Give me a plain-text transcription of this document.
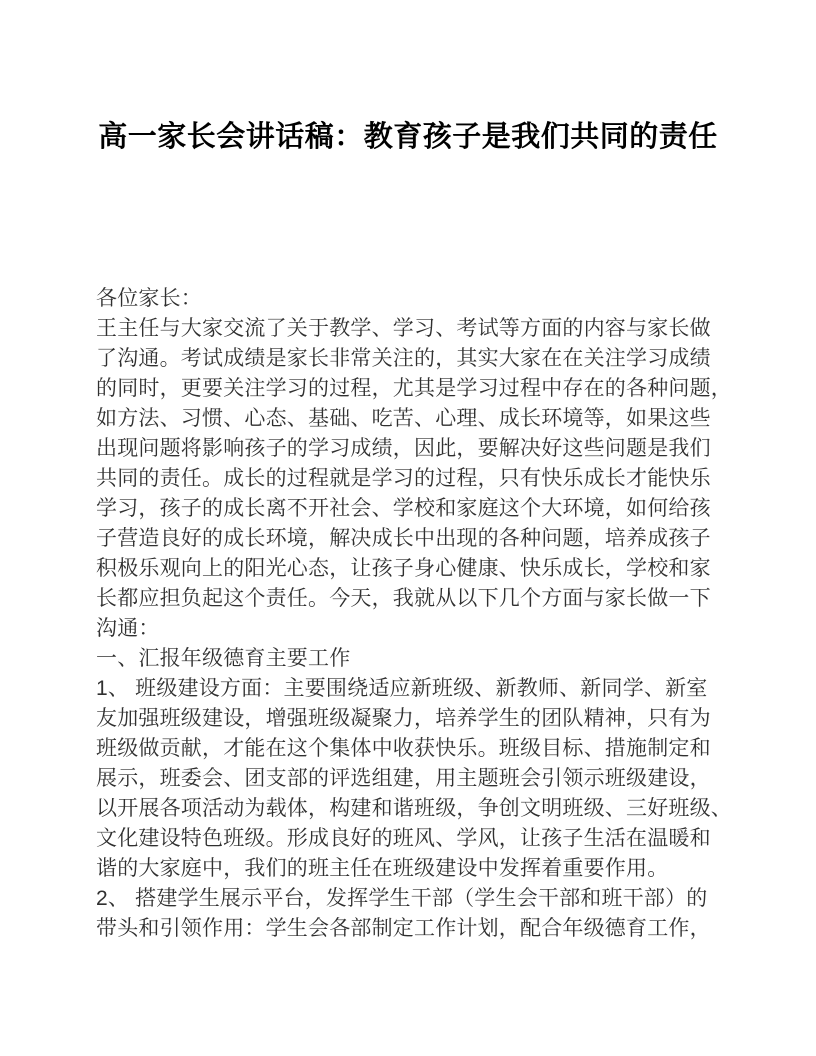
高一家长会讲话稿：教育孩子是我们共同的责任
各位家长：
王主任与大家交流了关于教学、学习、考试等方面的内容与家长做
了沟通。考试成绩是家长非常关注的，其实大家在在关注学习成绩
的同时，更要关注学习的过程，尤其是学习过程中存在的各种问题，
如方法、习惯、心态、基础、吃苦、心理、成长环境等，如果这些
出现问题将影响孩子的学习成绩，因此，要解决好这些问题是我们
共同的责任。成长的过程就是学习的过程，只有快乐成长才能快乐
学习，孩子的成长离不开社会、学校和家庭这个大环境，如何给孩
子营造良好的成长环境，解决成长中出现的各种问题，培养成孩子
积极乐观向上的阳光心态，让孩子身心健康、快乐成长，学校和家
长都应担负起这个责任。今天，我就从以下几个方面与家长做一下
沟通：
一、汇报年级德育主要工作
1、 班级建设方面：主要围绕适应新班级、新教师、新同学、新室
友加强班级建设，增强班级凝聚力，培养学生的团队精神，只有为
班级做贡献，才能在这个集体中收获快乐。班级目标、措施制定和
展示，班委会、团支部的评选组建，用主题班会引领示班级建设，
以开展各项活动为载体，构建和谐班级，争创文明班级、三好班级、
文化建设特色班级。形成良好的班风、学风，让孩子生活在温暖和
谐的大家庭中，我们的班主任在班级建设中发挥着重要作用。
2、 搭建学生展示平台，发挥学生干部（学生会干部和班干部）的
带头和引领作用：学生会各部制定工作计划，配合年级德育工作，
